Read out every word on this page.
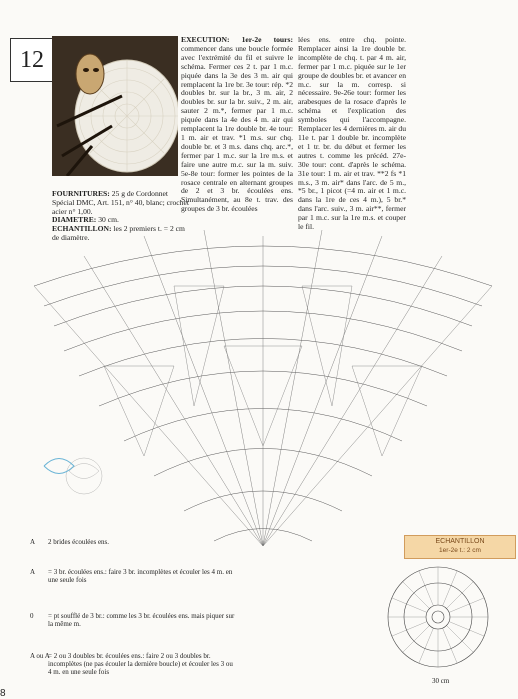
12
EXECUTION: 1er-2e tours: commencer dans une boucle formée avec l'extrémité du fil et suivre le schéma. Fermer ces 2 t. par 1 m.c. piquée dans la 3e des 3 m. air qui remplacent la 1re br. 3e tour: rép. *2 doubles br. sur la br., 3 m. air, 2 doubles br. sur la br. suiv., 2 m. air, sauter 2 m.*, fermer par 1 m.c. piquée dans la 4e des 4 m. air qui remplacent la 1re double br. 4e tour: 1 m. air et trav. *1 m.s. sur chq. double br. et 3 m.s. dans chq. arc.*, fermer par 1 m.c. sur la 1re m.s. et faire une autre m.c. sur la m. suiv. 5e-8e tour: former les pointes de la rosace centrale en alternant groupes de 2 et 3 br. écoulées ens. Simultanément, au 8e t. trav. des groupes de 3 br. écoulées
lées ens. entre chq. pointe. Remplacer ainsi la 1re double br. incomplète de chq. t. par 4 m. air, fermer par 1 m.c. piquée sur le 1er groupe de doubles br. et avancer en m.c. sur la m. corresp. si nécessaire. 9e-26e tour: former les arabesques de la rosace d'après le schéma et l'explication des symboles qui l'accompagne. Remplacer les 4 dernières m. air du 11e t. par 1 double br. incomplète et 1 tr. br. du début et fermer les autres t. comme les précéd. 27e-30e tour: cont. d'après le schéma. 31e tour: 1 m. air et trav. **2 fs *1 m.s., 3 m. air* dans l'arc. de 5 m., *5 br., 1 picot (=4 m. air et 1 m.c. dans la 1re de ces 4 m.), 5 br.* dans l'arc. suiv., 3 m. air**, fermer par 1 m.c. sur la 1re m.s. et couper le fil.
FOURNITURES: 25 g de Cordonnet Spécial DMC, Art. 151, n° 40, blanc; crochet acier n° 1,00.
DIAMETRE: 30 cm.
ECHANTILLON: les 2 premiers t. = 2 cm de diamètre.
ECHANTILLON
1er-2e t.: 2 cm
A 2 brides écoulées ens.
A = 3 br. écoulées ens.: faire 3 br. incomplètes et écouler les 4 m. en une seule fois
0 = pt soufflé de 3 br.: comme les 3 br. écoulées ens. mais piquer sur la même m.
A ou A
= 2 ou 3 doubles br. écoulées ens.: faire 2 ou 3 doubles br. incomplètes (ne pas écouler la dernière boucle) et écouler les 3 ou 4 m. en une seule fois
30 cm
8
